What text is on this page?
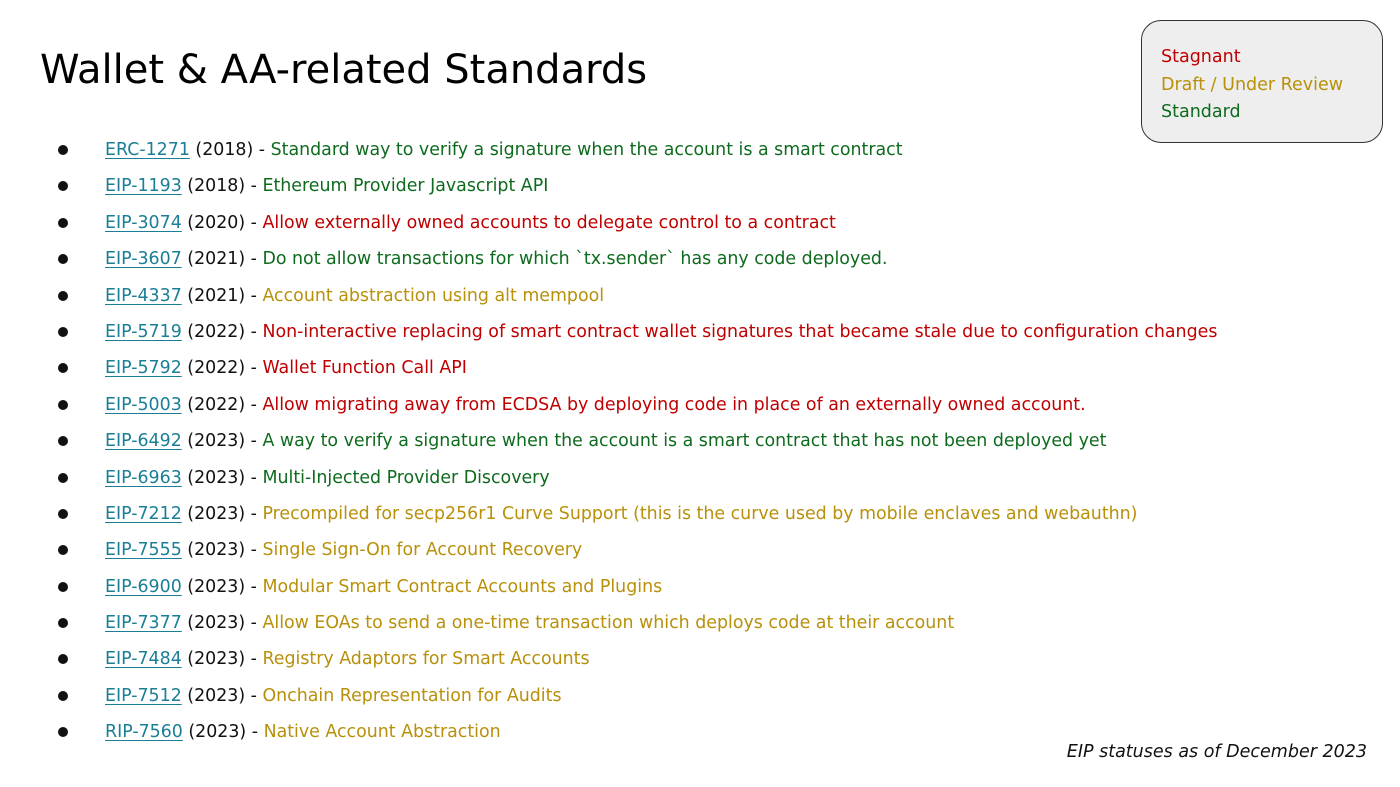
Wallet & AA-related Standards	Stagnant
Draft / Under Review
Standard
ERC-1271 (2018) - Standard way to verify a signature when the account is a smart contract
EIP-1193 (2018) - Ethereum Provider Javascript API
EIP-3074 (2020) - Allow externally owned accounts to delegate control to a contract
EIP-3607 (2021) - Do not allow transactions for which `tx.sender` has any code deployed.
EIP-4337 (2021) - Account abstraction using alt mempool
EIP-5719 (2022) - Non-interactive replacing of smart contract wallet signatures that became stale due to configuration changes
EIP-5792 (2022) - Wallet Function Call API
EIP-5003 (2022) - Allow migrating away from ECDSA by deploying code in place of an externally owned account.
EIP-6492 (2023) - A way to verify a signature when the account is a smart contract that has not been deployed yet
EIP-6963 (2023) - Multi-Injected Provider Discovery
EIP-7212 (2023) - Precompiled for secp256r1 Curve Support (this is the curve used by mobile enclaves and webauthn)
EIP-7555 (2023) - Single Sign-On for Account Recovery
EIP-6900 (2023) - Modular Smart Contract Accounts and Plugins
EIP-7377 (2023) - Allow EOAs to send a one-time transaction which deploys code at their account
EIP-7484 (2023) - Registry Adaptors for Smart Accounts
EIP-7512 (2023) - Onchain Representation for Audits
RIP-7560 (2023) - Native Account Abstraction
EIP statuses as of December 2023
